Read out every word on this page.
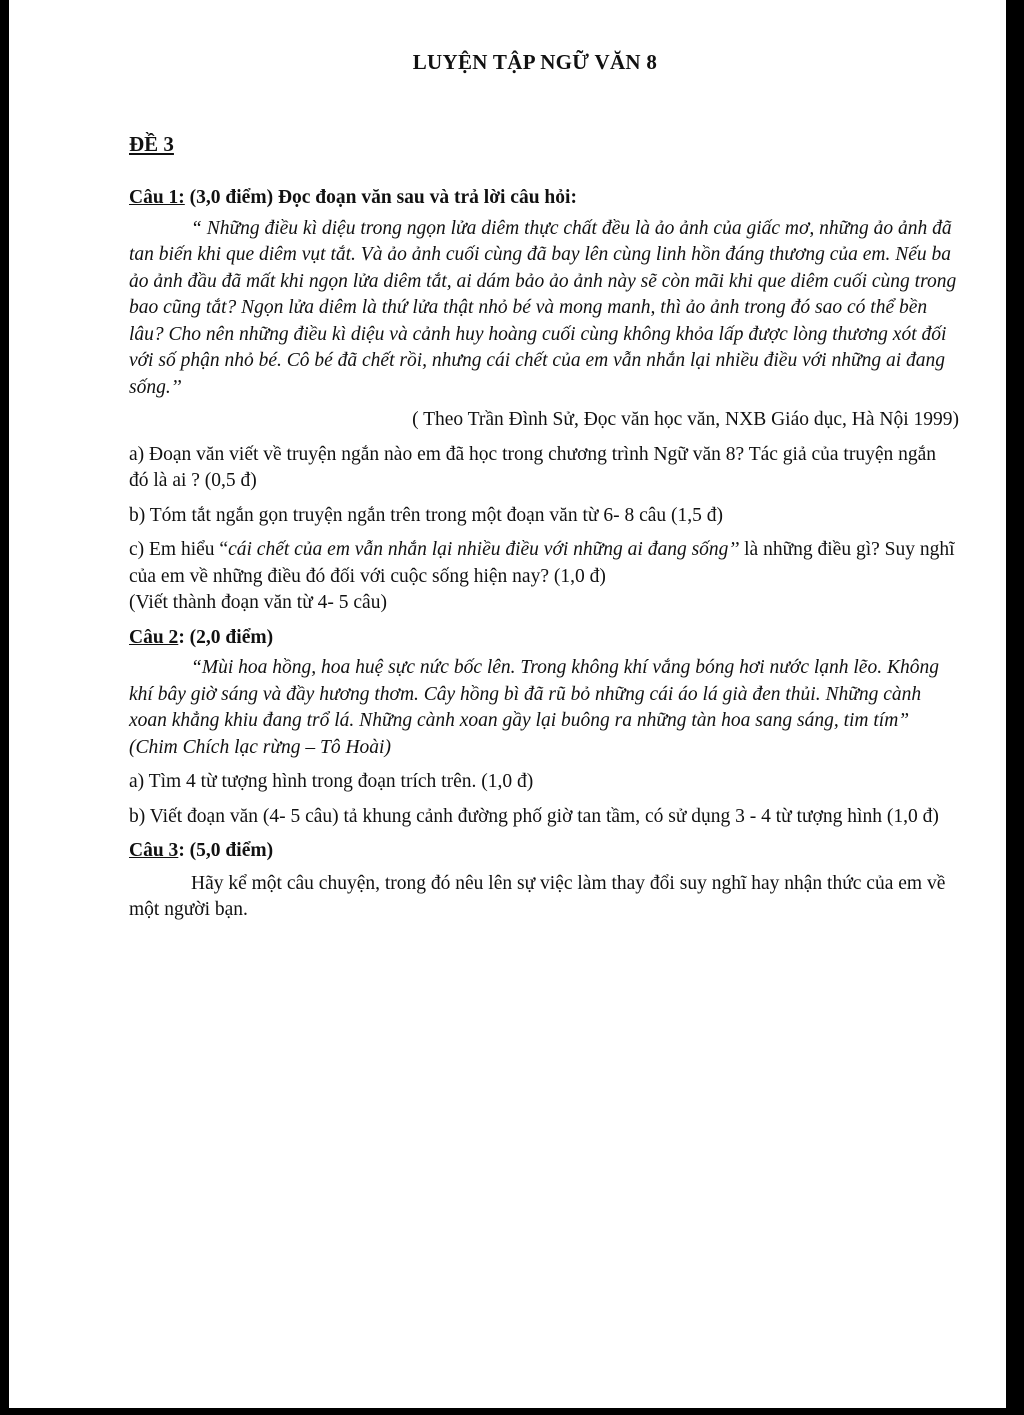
LUYỆN TẬP NGỮ VĂN 8

ĐỀ 3

Câu 1: (3,0 điểm) Đọc đoạn văn sau và trả lời câu hỏi:

“ Những điều kì diệu trong ngọn lửa diêm thực chất đều là ảo ảnh của giấc mơ, những ảo ảnh đã tan biến khi que diêm vụt tắt. Và ảo ảnh cuối cùng đã bay lên cùng linh hồn đáng thương của em. Nếu ba ảo ảnh đầu đã mất khi ngọn lửa diêm tắt, ai dám bảo ảo ảnh này sẽ còn mãi khi que diêm cuối cùng trong bao cũng tắt? Ngọn lửa diêm là thứ lửa thật nhỏ bé và mong manh, thì ảo ảnh trong đó sao có thể bền lâu? Cho nên những điều kì diệu và cảnh huy hoàng cuối cùng không khỏa lấp được lòng thương xót đối với số phận nhỏ bé. Cô bé đã chết rồi, nhưng cái chết của em vẫn nhắn lại nhiều điều với những ai đang sống.’’

( Theo Trần Đình Sử, Đọc văn học văn, NXB Giáo dục, Hà Nội 1999)

a) Đoạn văn viết về truyện ngắn nào em đã học trong chương trình Ngữ văn 8? Tác giả của truyện ngắn đó là ai ? (0,5 đ)

b) Tóm tắt ngắn gọn truyện ngắn trên trong một đoạn văn từ 6- 8 câu (1,5 đ)

c) Em hiểu “cái chết của em vẫn nhắn lại nhiều điều với những ai đang sống’’ là những điều gì? Suy nghĩ của em về những điều đó đối với cuộc sống hiện nay? (1,0 đ)
(Viết thành đoạn văn từ 4- 5 câu)

Câu 2: (2,0 điểm)

“Mùi hoa hồng, hoa huệ sực nức bốc lên. Trong không khí vắng bóng hơi nước lạnh lẽo. Không khí bây giờ sáng và đầy hương thơm. Cây hồng bì đã rũ bỏ những cái áo lá già đen thủi. Những cành xoan khẳng khiu đang trổ lá. Những cành xoan gầy lại buông ra những tàn hoa sang sáng, tim tím” (Chim Chích lạc rừng – Tô Hoài)

a) Tìm 4 từ tượng hình trong đoạn trích trên. (1,0 đ)

b) Viết đoạn văn (4- 5 câu) tả khung cảnh đường phố giờ tan tầm, có sử dụng 3 - 4 từ tượng hình (1,0 đ)

Câu 3: (5,0 điểm)

Hãy kể một câu chuyện, trong đó nêu lên sự việc làm thay đổi suy nghĩ hay nhận thức của em về một người bạn.
